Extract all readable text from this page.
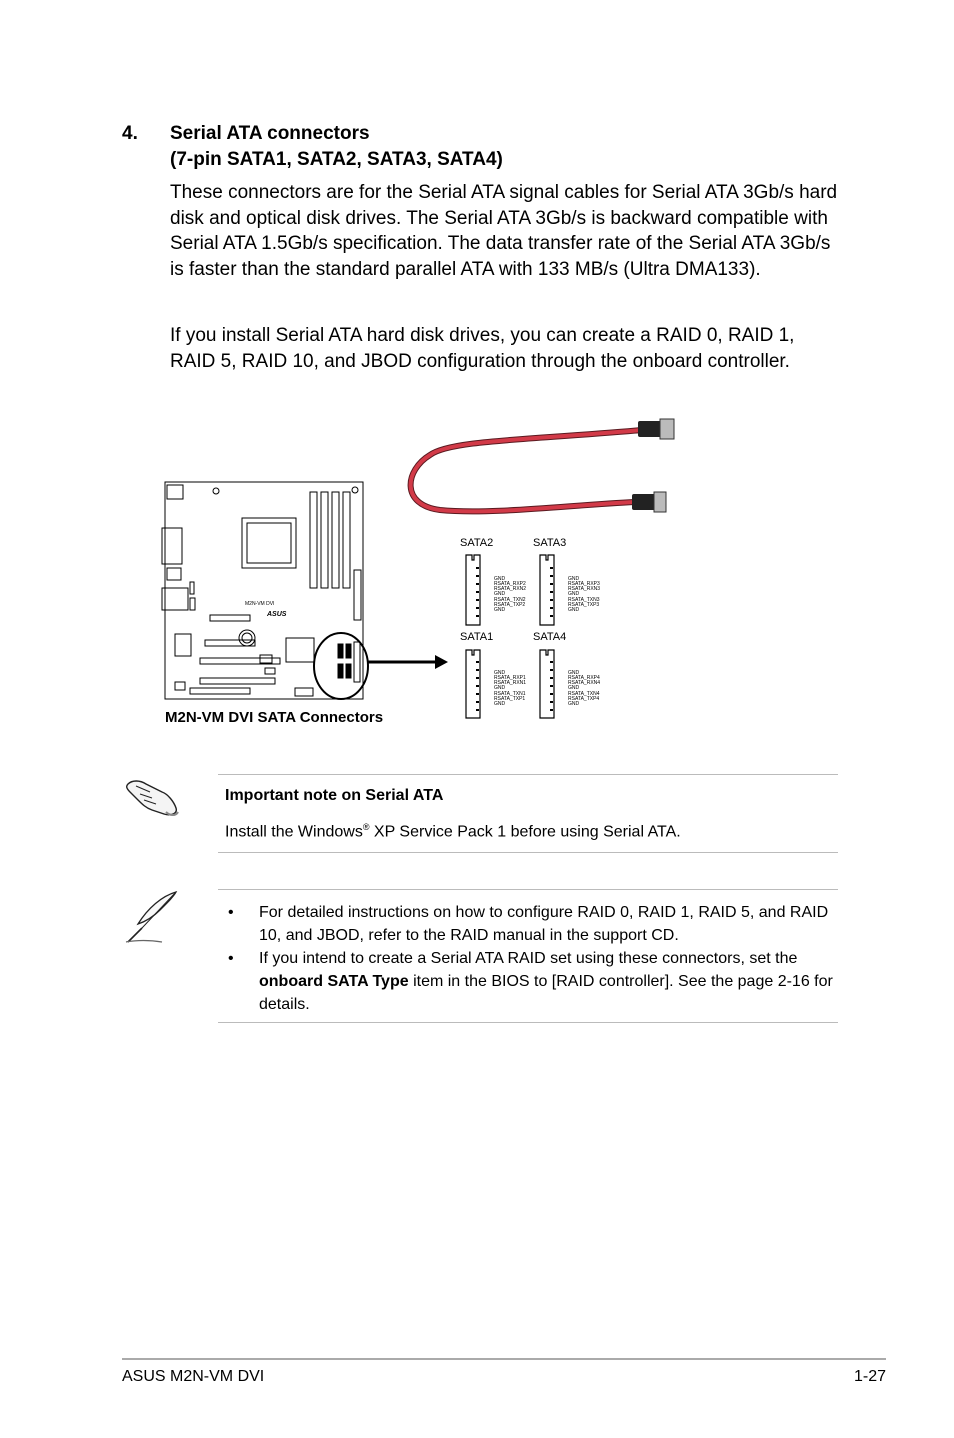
4. Serial ATA connectors
(7-pin SATA1, SATA2, SATA3, SATA4)

These connectors are for the Serial ATA signal cables for Serial ATA 3Gb/s hard disk and optical disk drives. The Serial ATA 3Gb/s is backward compatible with Serial ATA 1.5Gb/s specification. The data transfer rate of the Serial ATA 3Gb/s is faster than the standard parallel ATA with 133 MB/s (Ultra DMA133).

If you install Serial ATA hard disk drives, you can create a RAID 0, RAID 1, RAID 5, RAID 10, and JBOD configuration through the onboard controller.

M2N-VM DVI
ASUS
SATA2	SATA3
SATA1	SATA4

GND
RSATA_RXP2
RSATA_RXN2
GND
RSATA_TXN2
RSATA_TXP2
GND

GND
RSATA_RXP3
RSATA_RXN3
GND
RSATA_TXN3
RSATA_TXP3
GND

GND
RSATA_RXP1
RSATA_RXN1
GND
RSATA_TXN1
RSATA_TXP1
GND

GND
RSATA_RXP4
RSATA_RXN4
GND
RSATA_TXN4
RSATA_TXP4
GND

M2N-VM DVI SATA Connectors
Important note on Serial ATA
Install the Windows® XP Service Pack 1 before using Serial ATA.
• For detailed instructions on how to configure RAID 0, RAID 1, RAID 5, and RAID 10, and JBOD, refer to the RAID manual in the support CD.
• If you intend to create a Serial ATA RAID set using these connectors, set the onboard SATA Type item in the BIOS to [RAID controller]. See the page 2-16 for details.
ASUS M2N-VM DVI	1-27
